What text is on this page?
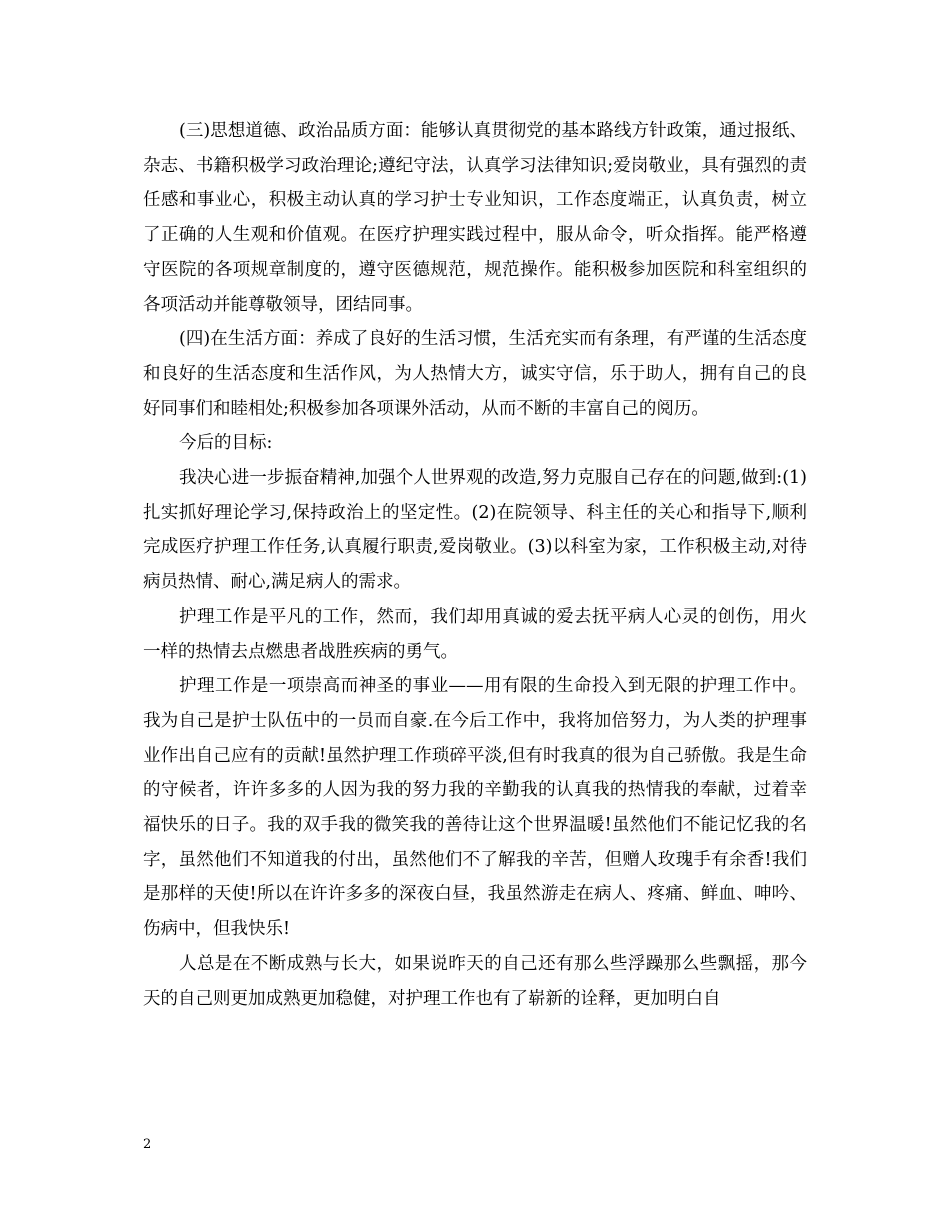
(三)思想道德、政治品质方面：能够认真贯彻党的基本路线方针政策，通过报纸、杂志、书籍积极学习政治理论;遵纪守法，认真学习法律知识;爱岗敬业，具有强烈的责任感和事业心，积极主动认真的学习护士专业知识，工作态度端正，认真负责，树立了正确的人生观和价值观。在医疗护理实践过程中，服从命令，听众指挥。能严格遵守医院的各项规章制度的，遵守医德规范，规范操作。能积极参加医院和科室组织的各项活动并能尊敬领导，团结同事。

(四)在生活方面：养成了良好的生活习惯，生活充实而有条理，有严谨的生活态度和良好的生活态度和生活作风，为人热情大方，诚实守信，乐于助人，拥有自己的良好同事们和睦相处;积极参加各项课外活动，从而不断的丰富自己的阅历。

今后的目标:

我决心进一步振奋精神,加强个人世界观的改造,努力克服自己存在的问题,做到:(1)扎实抓好理论学习,保持政治上的坚定性。(2)在院领导、科主任的关心和指导下,顺利完成医疗护理工作任务,认真履行职责,爱岗敬业。(3)以科室为家，工作积极主动,对待病员热情、耐心,满足病人的需求。

护理工作是平凡的工作，然而，我们却用真诚的爱去抚平病人心灵的创伤，用火一样的热情去点燃患者战胜疾病的勇气。

护理工作是一项崇高而神圣的事业——用有限的生命投入到无限的护理工作中。我为自己是护士队伍中的一员而自豪.在今后工作中，我将加倍努力，为人类的护理事业作出自己应有的贡献!虽然护理工作琐碎平淡,但有时我真的很为自己骄傲。我是生命的守候者，许许多多的人因为我的努力我的辛勤我的认真我的热情我的奉献，过着幸福快乐的日子。我的双手我的微笑我的善待让这个世界温暖!虽然他们不能记忆我的名字，虽然他们不知道我的付出，虽然他们不了解我的辛苦，但赠人玫瑰手有余香!我们是那样的天使!所以在许许多多的深夜白昼，我虽然游走在病人、疼痛、鲜血、呻吟、伤病中，但我快乐!

人总是在不断成熟与长大，如果说昨天的自己还有那么些浮躁那么些飘摇，那今天的自己则更加成熟更加稳健，对护理工作也有了崭新的诠释，更加明白自

2
